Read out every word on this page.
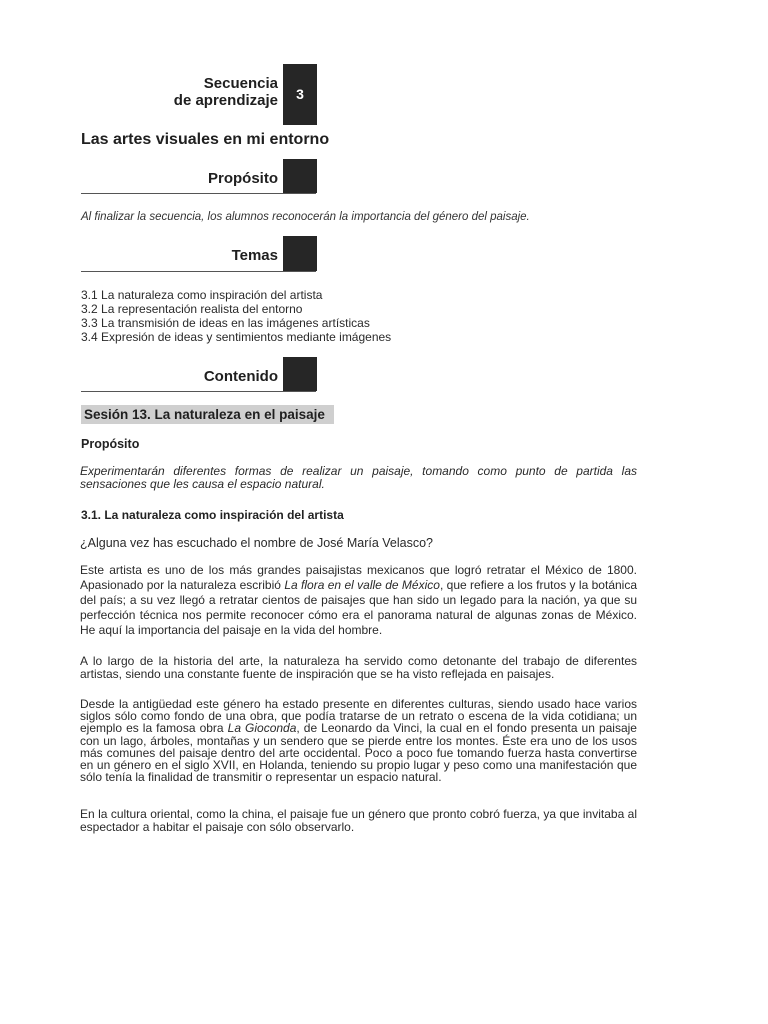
Secuencia
de aprendizaje	3
Las artes visuales en mi entorno
Propósito
Al finalizar la secuencia, los alumnos reconocerán la importancia del género del paisaje.
Temas
3.1 La naturaleza como inspiración del artista
3.2 La representación realista del entorno
3.3 La transmisión de ideas en las imágenes artísticas
3.4 Expresión de ideas y sentimientos mediante imágenes
Contenido
Sesión 13. La naturaleza en el paisaje
Propósito
Experimentarán diferentes formas de realizar un paisaje, tomando como punto de partida las sensaciones que les causa el espacio natural.
3.1. La naturaleza como inspiración del artista
¿Alguna vez has escuchado el nombre de José María Velasco?
Este artista es uno de los más grandes paisajistas mexicanos que logró retratar el México de 1800. Apasionado por la naturaleza escribió La flora en el valle de México, que refiere a los frutos y la botánica del país; a su vez llegó a retratar cientos de paisajes que han sido un legado para la nación, ya que su perfección técnica nos permite reconocer cómo era el panorama natural de algunas zonas de México. He aquí la importancia del paisaje en la vida del hombre.
A lo largo de la historia del arte, la naturaleza ha servido como detonante del trabajo de diferentes artistas, siendo una constante fuente de inspiración que se ha visto reflejada en paisajes.
Desde la antigüedad este género ha estado presente en diferentes culturas, siendo usado hace varios siglos sólo como fondo de una obra, que podía tratarse de un retrato o escena de la vida cotidiana; un ejemplo es la famosa obra La Gioconda, de Leonardo da Vinci, la cual en el fondo presenta un paisaje con un lago, árboles, montañas y un sendero que se pierde entre los montes. Éste era uno de los usos más comunes del paisaje dentro del arte occidental. Poco a poco fue tomando fuerza hasta convertirse en un género en el siglo XVII, en Holanda, teniendo su propio lugar y peso como una manifestación que sólo tenía la finalidad de transmitir o representar un espacio natural.
En la cultura oriental, como la china, el paisaje fue un género que pronto cobró fuerza, ya que invitaba al espectador a habitar el paisaje con sólo observarlo.
